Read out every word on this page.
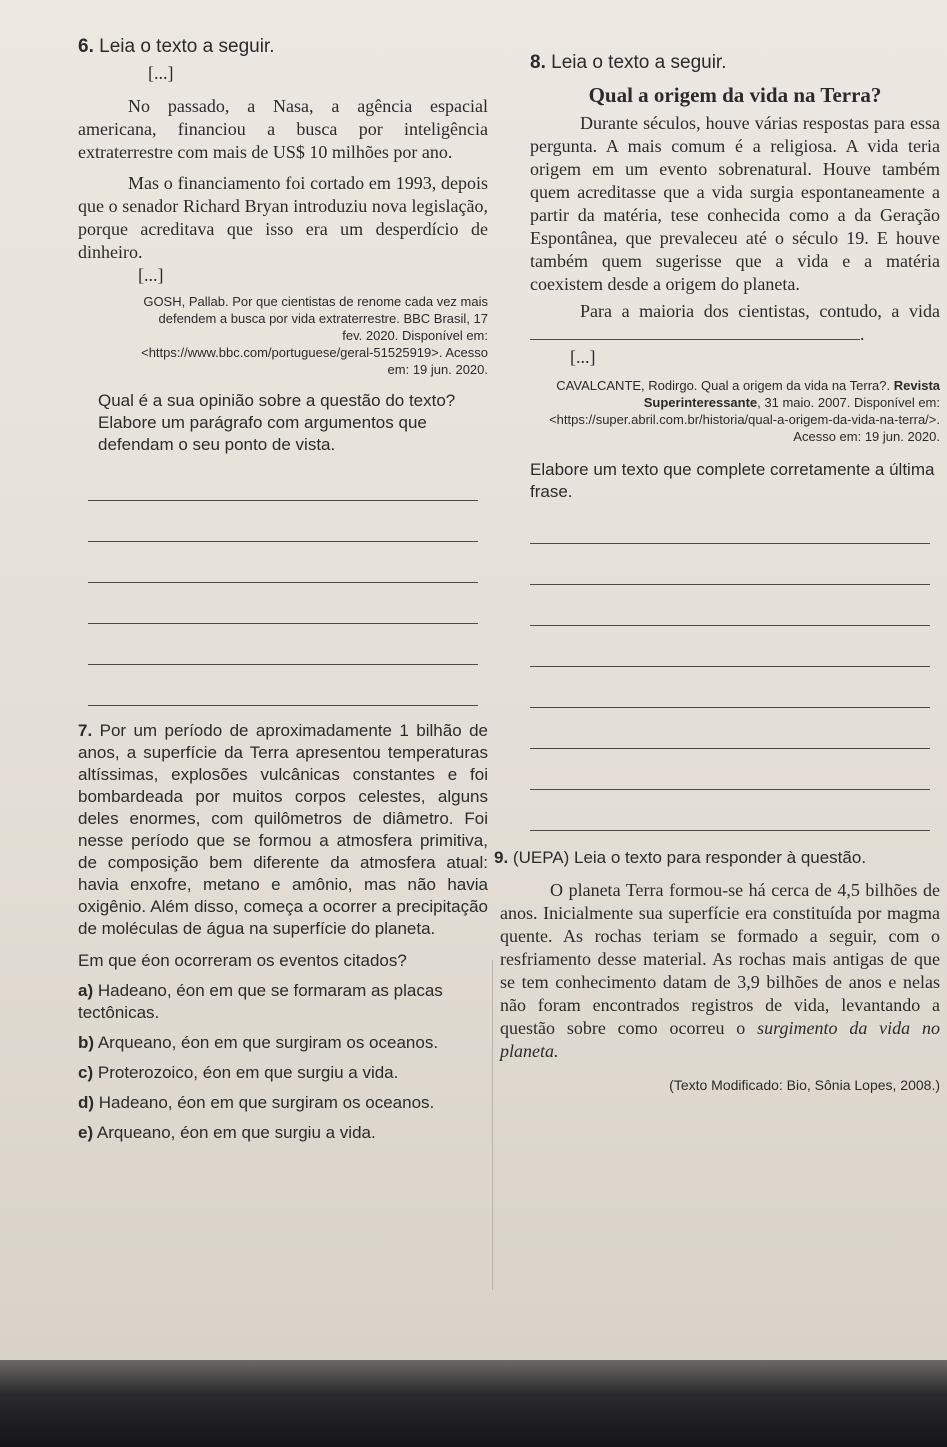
6. Leia o texto a seguir.

[...]

No passado, a Nasa, a agência espacial americana, financiou a busca por inteligência extraterrestre com mais de US$ 10 milhões por ano.

Mas o financiamento foi cortado em 1993, depois que o senador Richard Bryan introduziu nova legislação, porque acreditava que isso era um desperdício de dinheiro.

[...]

GOSH, Pallab. Por que cientistas de renome cada vez mais defendem a busca por vida extraterrestre. BBC Brasil, 17 fev. 2020. Disponível em: <https://www.bbc.com/portuguese/geral-51525919>. Acesso em: 19 jun. 2020.

Qual é a sua opinião sobre a questão do texto?

Elabore um parágrafo com argumentos que defendam o seu ponto de vista.

7. Por um período de aproximadamente 1 bilhão de anos, a superfície da Terra apresentou temperaturas altíssimas, explosões vulcânicas constantes e foi bombardeada por muitos corpos celestes, alguns deles enormes, com quilômetros de diâmetro. Foi nesse período que se formou a atmosfera primitiva, de composição bem diferente da atmosfera atual: havia enxofre, metano e amônio, mas não havia oxigênio. Além disso, começa a ocorrer a precipitação de moléculas de água na superfície do planeta.

Em que éon ocorreram os eventos citados?

a) Hadeano, éon em que se formaram as placas tectônicas.

b) Arqueano, éon em que surgiram os oceanos.

c) Proterozoico, éon em que surgiu a vida.

d) Hadeano, éon em que surgiram os oceanos.

e) Arqueano, éon em que surgiu a vida.

8. Leia o texto a seguir.
Qual a origem da vida na Terra?

Durante séculos, houve várias respostas para essa pergunta. A mais comum é a religiosa. A vida teria origem em um evento sobrenatural. Houve também quem acreditasse que a vida surgia espontaneamente a partir da matéria, tese conhecida como a da Geração Espontânea, que prevaleceu até o século 19. E houve também quem sugerisse que a vida e a matéria coexistem desde a origem do planeta.

Para a maioria dos cientistas, contudo, a vida .

[...]

CAVALCANTE, Rodirgo. Qual a origem da vida na Terra?. Revista Superinteressante, 31 maio. 2007. Disponível em: <https://super.abril.com.br/historia/qual-a-origem-da-vida-na-terra/>. Acesso em: 19 jun. 2020.

Elabore um texto que complete corretamente a última frase.

9. (UEPA) Leia o texto para responder à questão.

O planeta Terra formou-se há cerca de 4,5 bilhões de anos. Inicialmente sua superfície era constituída por magma quente. As rochas teriam se formado a seguir, com o resfriamento desse material. As rochas mais antigas de que se tem conhecimento datam de 3,9 bilhões de anos e nelas não foram encontrados registros de vida, levantando a questão sobre como ocorreu o surgimento da vida no planeta.

(Texto Modificado: Bio, Sônia Lopes, 2008.)
